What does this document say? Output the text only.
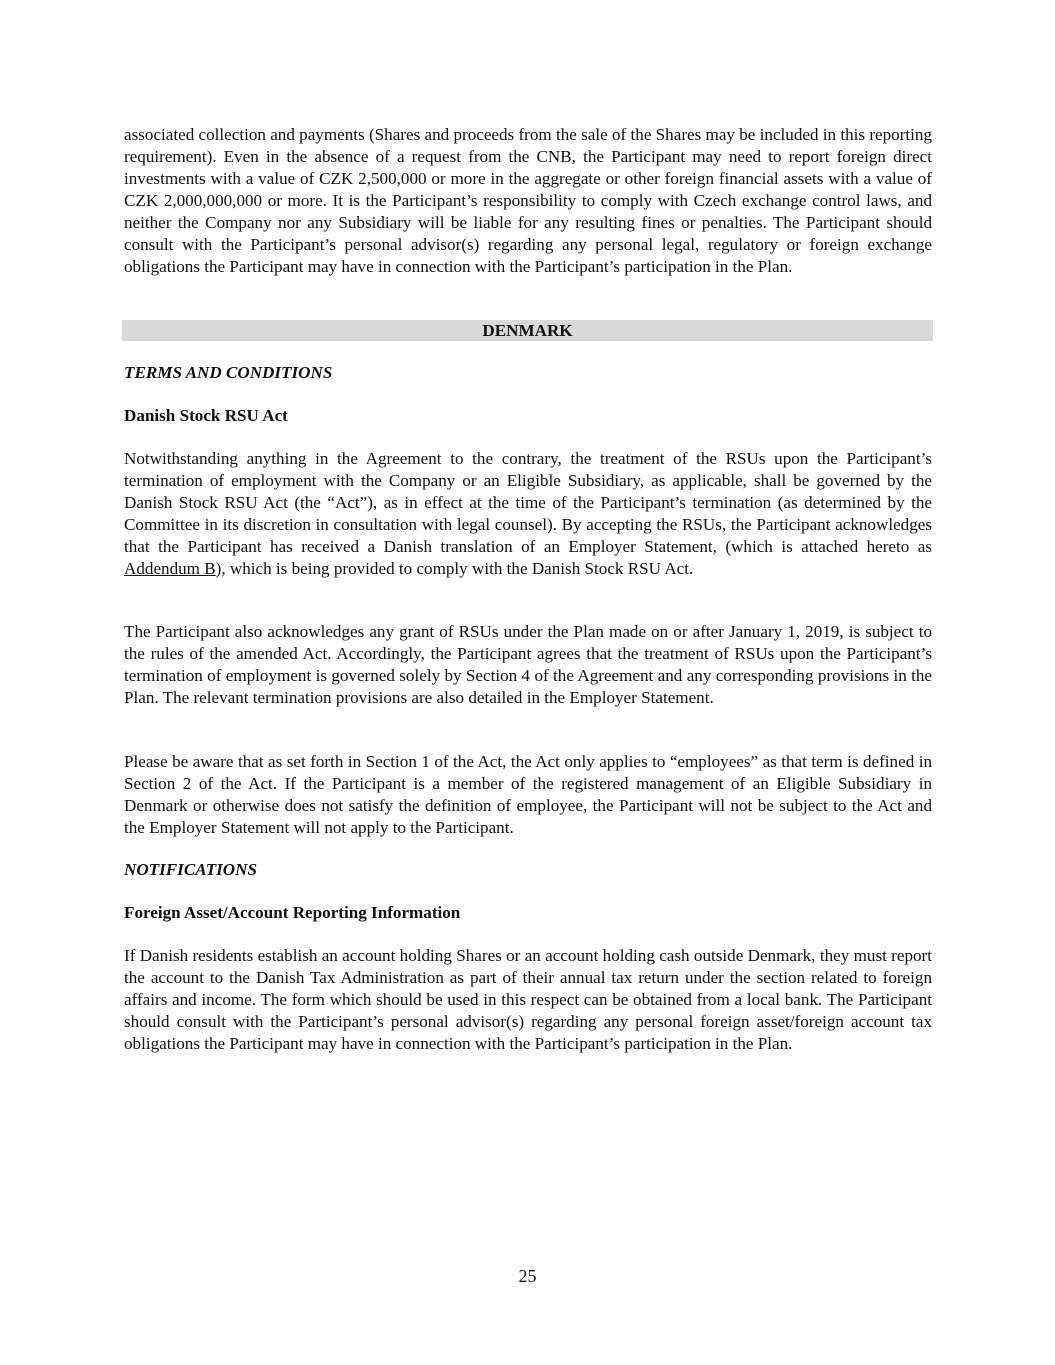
DENMARK

associated collection and payments (Shares and proceeds from the sale of the Shares may be included in this reporting requirement). Even in the absence of a request from the CNB, the Participant may need to report foreign direct investments with a value of CZK 2,500,000 or more in the aggregate or other foreign financial assets with a value of CZK 2,000,000,000 or more. It is the Participant’s responsibility to comply with Czech exchange control laws, and neither the Company nor any Subsidiary will be liable for any resulting fines or penalties. The Participant should consult with the Participant’s personal advisor(s) regarding any personal legal, regulatory or foreign exchange obligations the Participant may have in connection with the Participant’s participation in the Plan.

TERMS AND CONDITIONS
Danish Stock RSU Act

Notwithstanding anything in the Agreement to the contrary, the treatment of the RSUs upon the Participant’s termination of employment with the Company or an Eligible Subsidiary, as applicable, shall be governed by the Danish Stock RSU Act (the “Act”), as in effect at the time of the Participant’s termination (as determined by the Committee in its discretion in consultation with legal counsel). By accepting the RSUs, the Participant acknowledges that the Participant has received a Danish translation of an Employer Statement, (which is attached hereto as Addendum B), which is being provided to comply with the Danish Stock RSU Act.

The Participant also acknowledges any grant of RSUs under the Plan made on or after January 1, 2019, is subject to the rules of the amended Act. Accordingly, the Participant agrees that the treatment of RSUs upon the Participant’s termination of employment is governed solely by Section 4 of the Agreement and any corresponding provisions in the Plan. The relevant termination provisions are also detailed in the Employer Statement.

Please be aware that as set forth in Section 1 of the Act, the Act only applies to “employees” as that term is defined in Section 2 of the Act. If the Participant is a member of the registered management of an Eligible Subsidiary in Denmark or otherwise does not satisfy the definition of employee, the Participant will not be subject to the Act and the Employer Statement will not apply to the Participant.

NOTIFICATIONS
Foreign Asset/Account Reporting Information

If Danish residents establish an account holding Shares or an account holding cash outside Denmark, they must report the account to the Danish Tax Administration as part of their annual tax return under the section related to foreign affairs and income. The form which should be used in this respect can be obtained from a local bank. The Participant should consult with the Participant’s personal advisor(s) regarding any personal foreign asset/foreign account tax obligations the Participant may have in connection with the Participant’s participation in the Plan.

25
